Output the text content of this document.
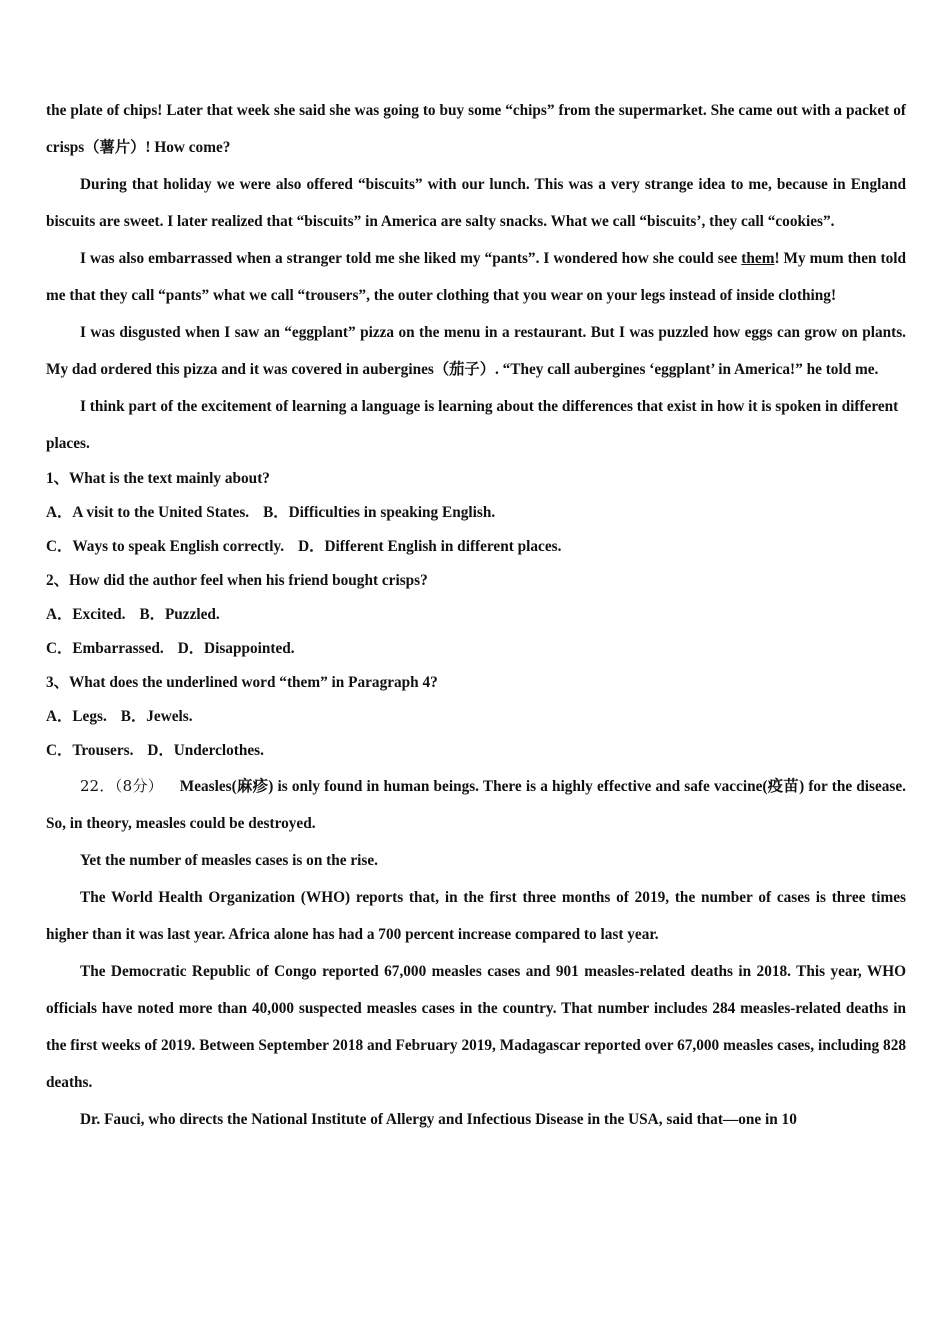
the plate of chips! Later that week she said she was going to buy some “chips” from the supermarket. She came out with a packet of crisps（薯片）! How come?

During that holiday we were also offered “biscuits” with our lunch. This was a very strange idea to me, because in England biscuits are sweet. I later realized that “biscuits” in America are salty snacks. What we call “biscuits’, they call “cookies”.

I was also embarrassed when a stranger told me she liked my “pants”. I wondered how she could see them! My mum then told me that they call “pants” what we call “trousers”, the outer clothing that you wear on your legs instead of inside clothing!

I was disgusted when I saw an “eggplant” pizza on the menu in a restaurant. But I was puzzled how eggs can grow on plants. My dad ordered this pizza and it was covered in aubergines（茄子）. “They call aubergines ‘eggplant’ in America!” he told me.

I think part of the excitement of learning a language is learning about the differences that exist in how it is spoken in different places.

1、What is the text mainly about?

A．A visit to the United States. B．Difficulties in speaking English.

C．Ways to speak English correctly. D．Different English in different places.

2、How did the author feel when his friend bought crisps?

A．Excited. B．Puzzled.

C．Embarrassed. D．Disappointed.

3、What does the underlined word “them” in Paragraph 4?

A．Legs. B．Jewels.

C．Trousers. D．Underclothes.

22．（8分） Measles(麻疹) is only found in human beings. There is a highly effective and safe vaccine(疫苗) for the disease. So, in theory, measles could be destroyed.

Yet the number of measles cases is on the rise.

The World Health Organization (WHO) reports that, in the first three months of 2019, the number of cases is three times higher than it was last year. Africa alone has had a 700 percent increase compared to last year.

The Democratic Republic of Congo reported 67,000 measles cases and 901 measles-related deaths in 2018. This year, WHO officials have noted more than 40,000 suspected measles cases in the country. That number includes 284 measles-related deaths in the first weeks of 2019. Between September 2018 and February 2019, Madagascar reported over 67,000 measles cases, including 828 deaths.

Dr. Fauci, who directs the National Institute of Allergy and Infectious Disease in the USA, said that—one in 10
